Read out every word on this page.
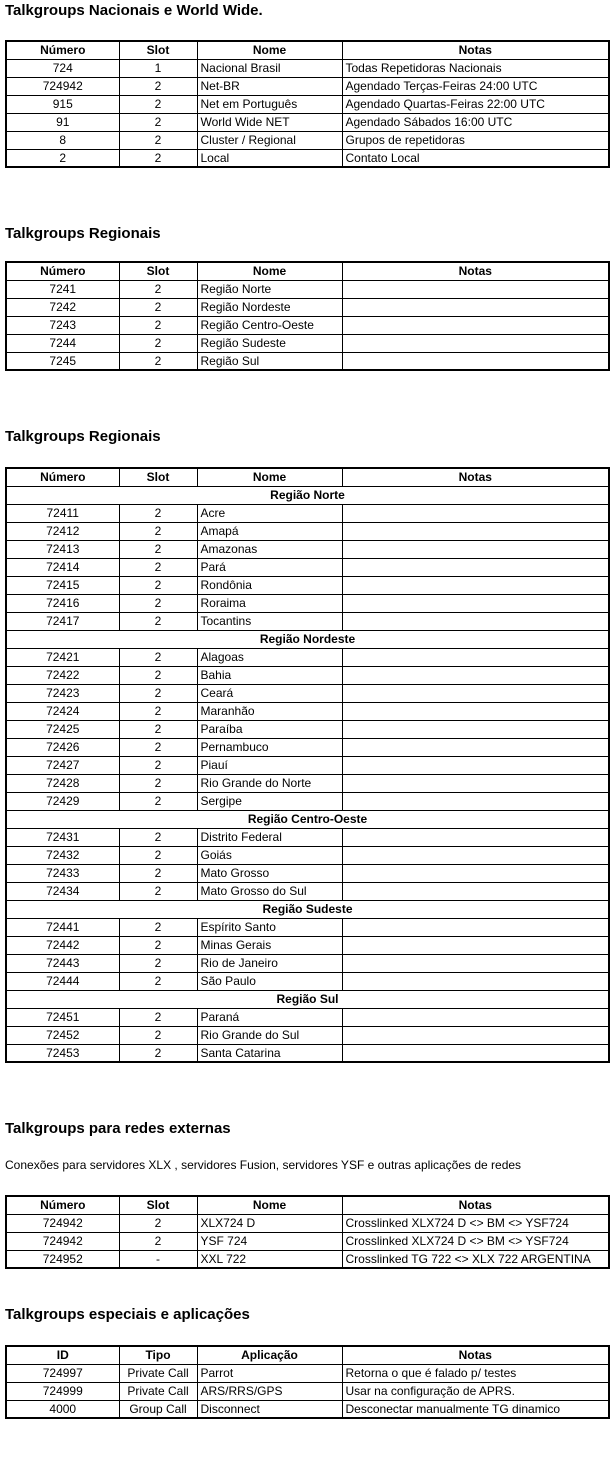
Talkgroups Nacionais e World Wide.
Número	Slot	Nome	Notas
724	1	Nacional Brasil	Todas Repetidoras Nacionais
724942	2	Net-BR	Agendado Terças-Feiras 24:00 UTC
915	2	Net em Português	Agendado Quartas-Feiras 22:00 UTC
91	2	World Wide NET	Agendado Sábados 16:00 UTC
8	2	Cluster / Regional	Grupos de repetidoras
2	2	Local	Contato Local
Talkgroups Regionais
Número	Slot	Nome	Notas
7241	2	Região Norte	
7242	2	Região Nordeste	
7243	2	Região Centro-Oeste	
7244	2	Região Sudeste	
7245	2	Região Sul	
Talkgroups Regionais
Número	Slot	Nome	Notas
Região Norte			
72411	2	Acre	
72412	2	Amapá	
72413	2	Amazonas	
72414	2	Pará	
72415	2	Rondônia	
72416	2	Roraima	
72417	2	Tocantins	
Região Nordeste			
72421	2	Alagoas	
72422	2	Bahia	
72423	2	Ceará	
72424	2	Maranhão	
72425	2	Paraíba	
72426	2	Pernambuco	
72427	2	Piauí	
72428	2	Rio Grande do Norte	
72429	2	Sergipe	
Região Centro-Oeste			
72431	2	Distrito Federal	
72432	2	Goiás	
72433	2	Mato Grosso	
72434	2	Mato Grosso do Sul	
Região Sudeste			
72441	2	Espírito Santo	
72442	2	Minas Gerais	
72443	2	Rio de Janeiro	
72444	2	São Paulo	
Região Sul			
72451	2	Paraná	
72452	2	Rio Grande do Sul	
72453	2	Santa Catarina	
Talkgroups para redes externas

Conexões para servidores XLX , servidores Fusion, servidores YSF e outras aplicações de redes

Número	Slot	Nome	Notas
724942	2	XLX724 D	Crosslinked XLX724 D <> BM <> YSF724
724942	2	YSF 724	Crosslinked XLX724 D <> BM <> YSF724
724952	-	XXL 722	Crosslinked TG 722 <> XLX 722 ARGENTINA
Talkgroups especiais e aplicações
ID	Tipo	Aplicação	Notas
724997	Private Call	Parrot	Retorna o que é falado p/ testes
724999	Private Call	ARS/RRS/GPS	Usar na configuração de APRS.
4000	Group Call	Disconnect	Desconectar manualmente TG dinamico
